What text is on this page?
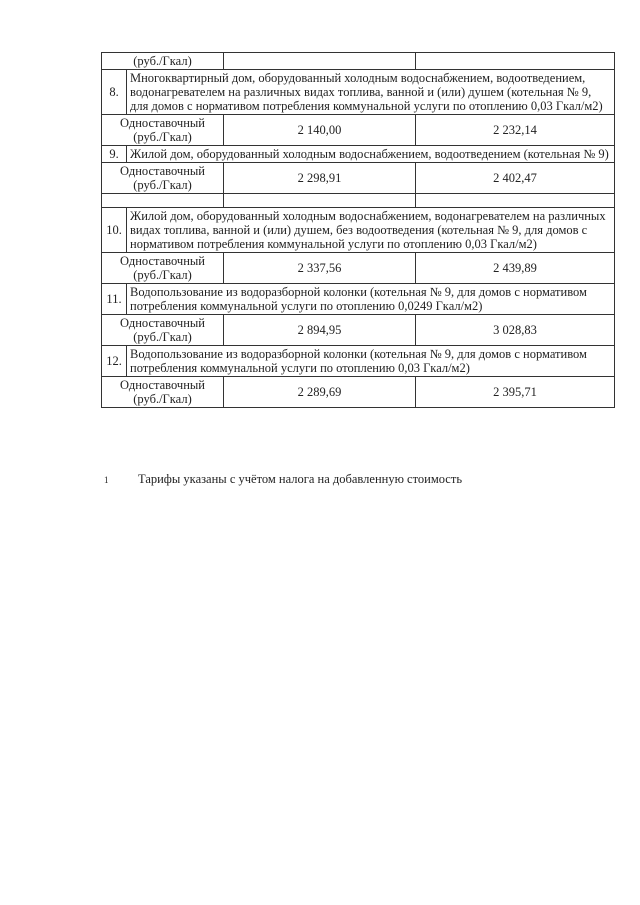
(руб./Гкал)			
8.	Многоквартирный дом, оборудованный холодным водоснабжением, водоотведением, водонагревателем на различных видах топлива, ванной и (или) душем (котельная № 9, для домов с нормативом потребления коммунальной услуги по отоплению 0,03 Гкал/м2)		
Одноставочный (руб./Гкал)		2 140,00	2 232,14
9.	Жилой дом, оборудованный холодным водоснабжением, водоотведением (котельная № 9)		
Одноставочный (руб./Гкал)		2 298,91	2 402,47

10.	Жилой дом, оборудованный холодным водоснабжением, водонагревателем на различных видах топлива, ванной и (или) душем, без водоотведения (котельная № 9, для домов с нормативом потребления коммунальной услуги по отоплению 0,03 Гкал/м2)		
Одноставочный (руб./Гкал)		2 337,56	2 439,89
11.	Водопользование из водоразборной колонки (котельная № 9, для домов с нормативом потребления коммунальной услуги по отоплению 0,0249 Гкал/м2)		
Одноставочный (руб./Гкал)		2 894,95	3 028,83
12.	Водопользование из водоразборной колонки (котельная № 9, для домов с нормативом потребления коммунальной услуги по отоплению 0,03 Гкал/м2)		
Одноставочный (руб./Гкал)		2 289,69	2 395,71
1	Тарифы указаны с учётом налога на добавленную стоимость
